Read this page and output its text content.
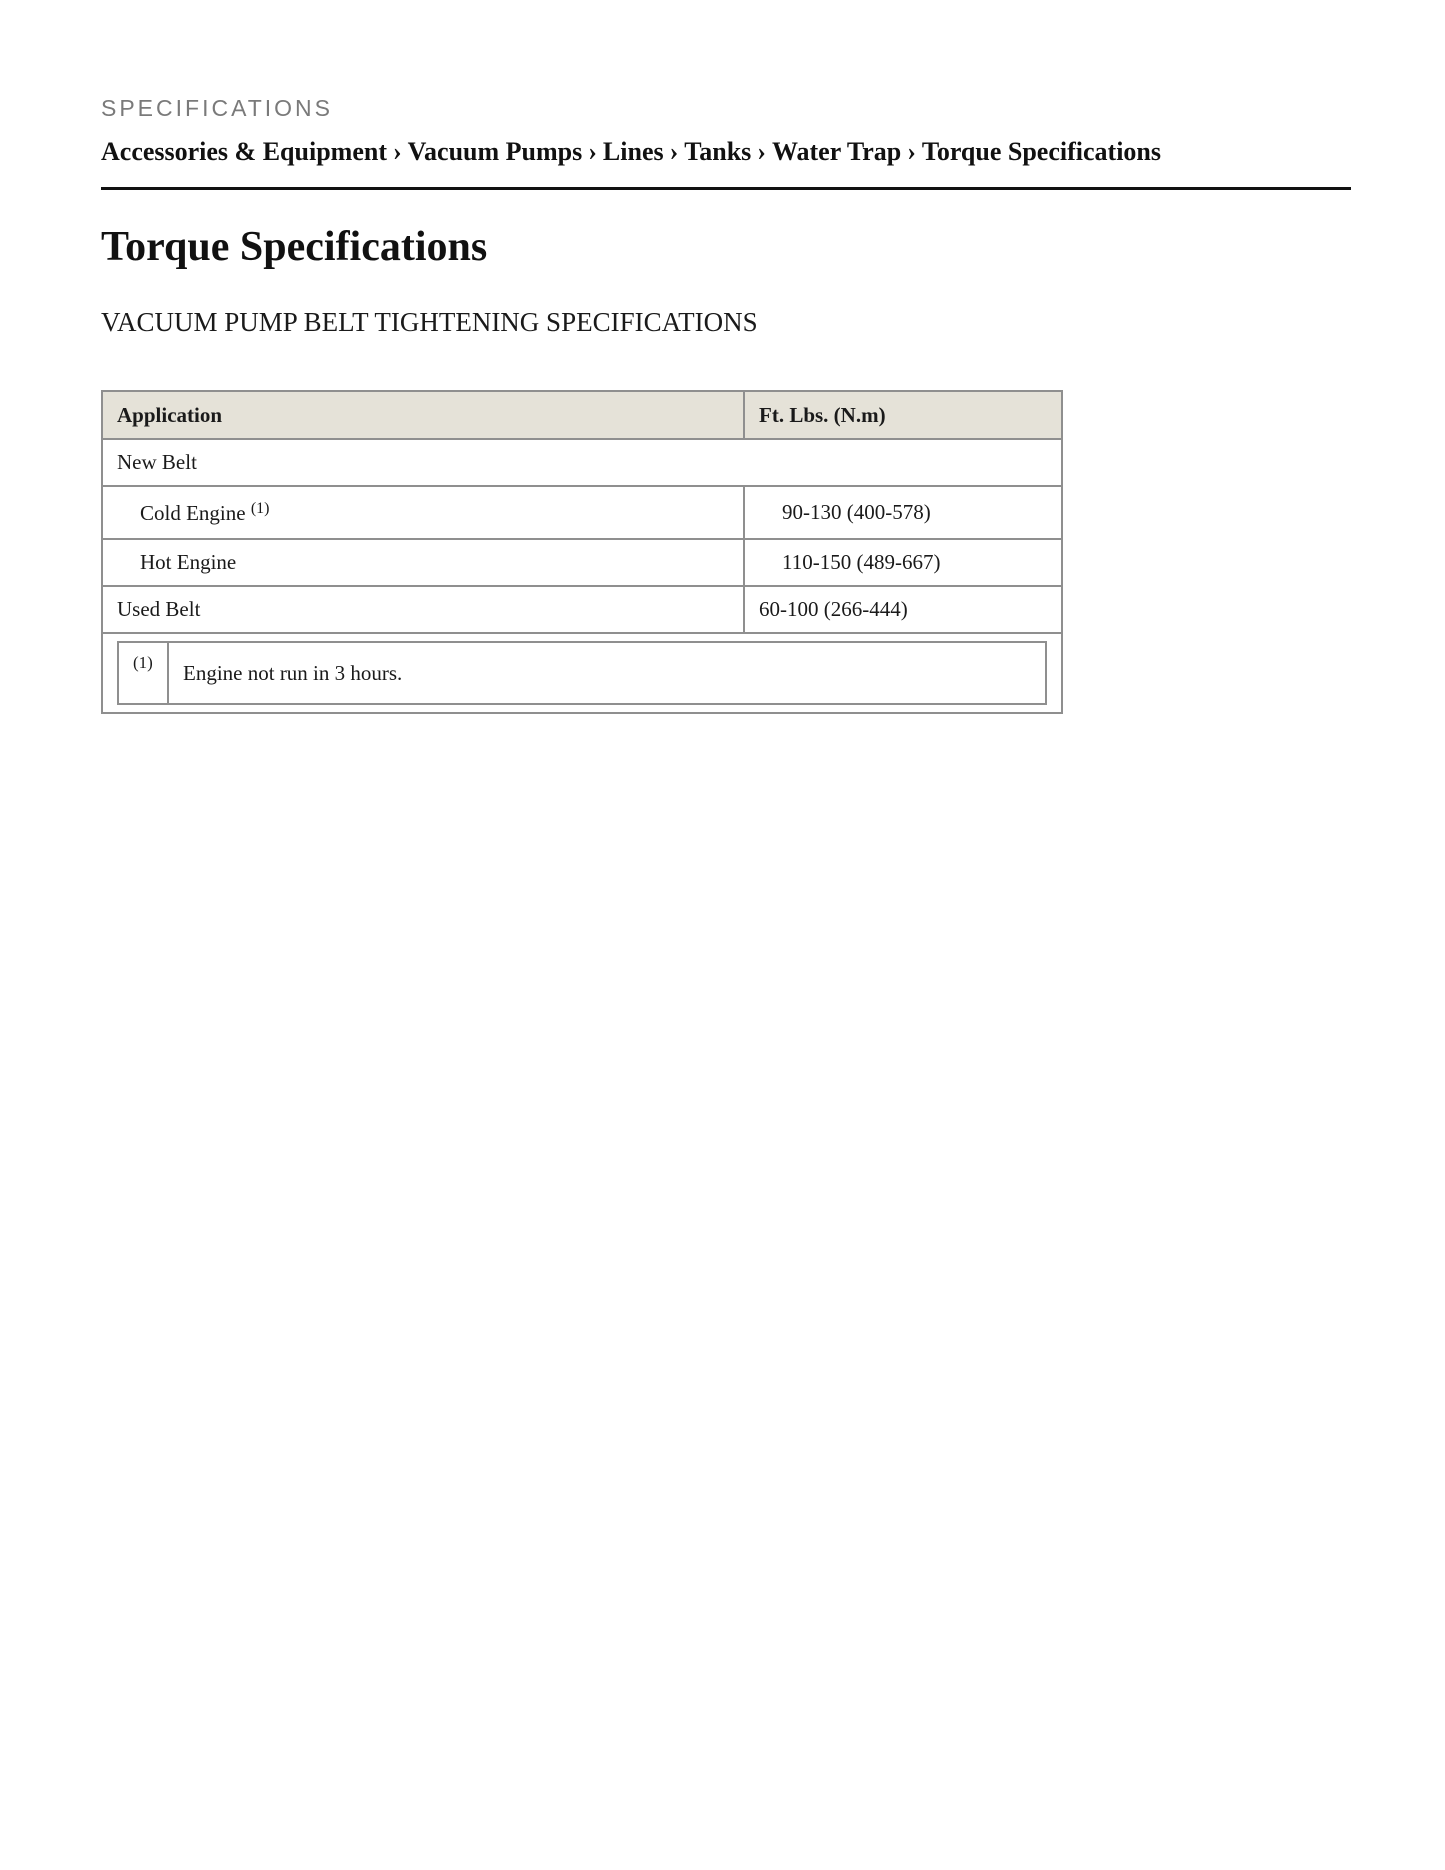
SPECIFICATIONS
Accessories & Equipment › Vacuum Pumps › Lines › Tanks › Water Trap › Torque Specifications
Torque Specifications
VACUUM PUMP BELT TIGHTENING SPECIFICATIONS
Application	Ft. Lbs. (N.m)
New Belt
Cold Engine $^{(1)}$	90-130 (400-578)
Hot Engine	110-150 (489-667)
Used Belt	60-100 (266-444)

(1)	Engine not run in 3 hours.
